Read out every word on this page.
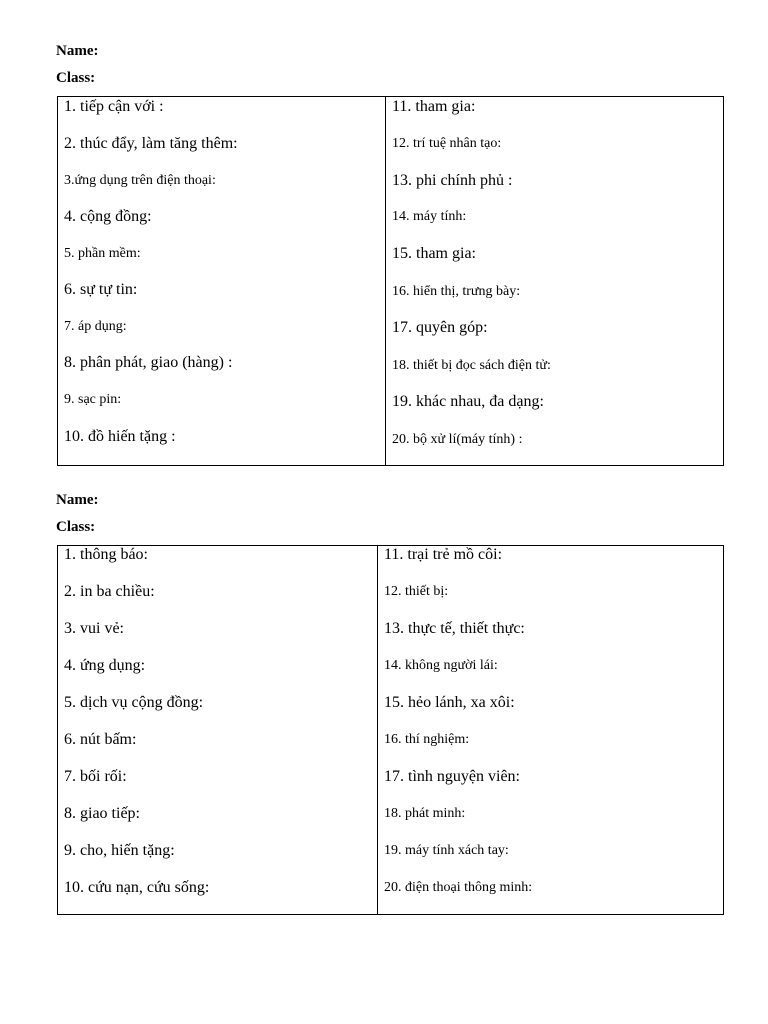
Name:
Class:
1. tiếp cận với :
2. thúc đẩy, làm tăng thêm:
3.ứng dụng trên điện thoại:
4. cộng đồng:
5. phần mềm:
6. sự tự tin:
7. áp dụng:
8. phân phát, giao (hàng) :
9. sạc pin:
10. đồ hiến tặng :
11. tham gia:
12. trí tuệ nhân tạo:
13. phi chính phủ :
14. máy tính:
15. tham gia:
16. hiển thị, trưng bày:
17. quyên góp:
18. thiết bị đọc sách điện tử:
19. khác nhau, đa dạng:
20. bộ xử lí(máy tính) :
Name:
Class:
1. thông báo:
2. in ba chiều:
3. vui vẻ:
4. ứng dụng:
5. dịch vụ cộng đồng:
6. nút bấm:
7. bối rối:
8. giao tiếp:
9. cho, hiến tặng:
10. cứu nạn, cứu sống:
11. trại trẻ mồ côi:
12. thiết bị:
13. thực tế, thiết thực:
14. không người lái:
15. hẻo lánh, xa xôi:
16. thí nghiệm:
17. tình nguyện viên:
18. phát minh:
19. máy tính xách tay:
20. điện thoại thông minh:
